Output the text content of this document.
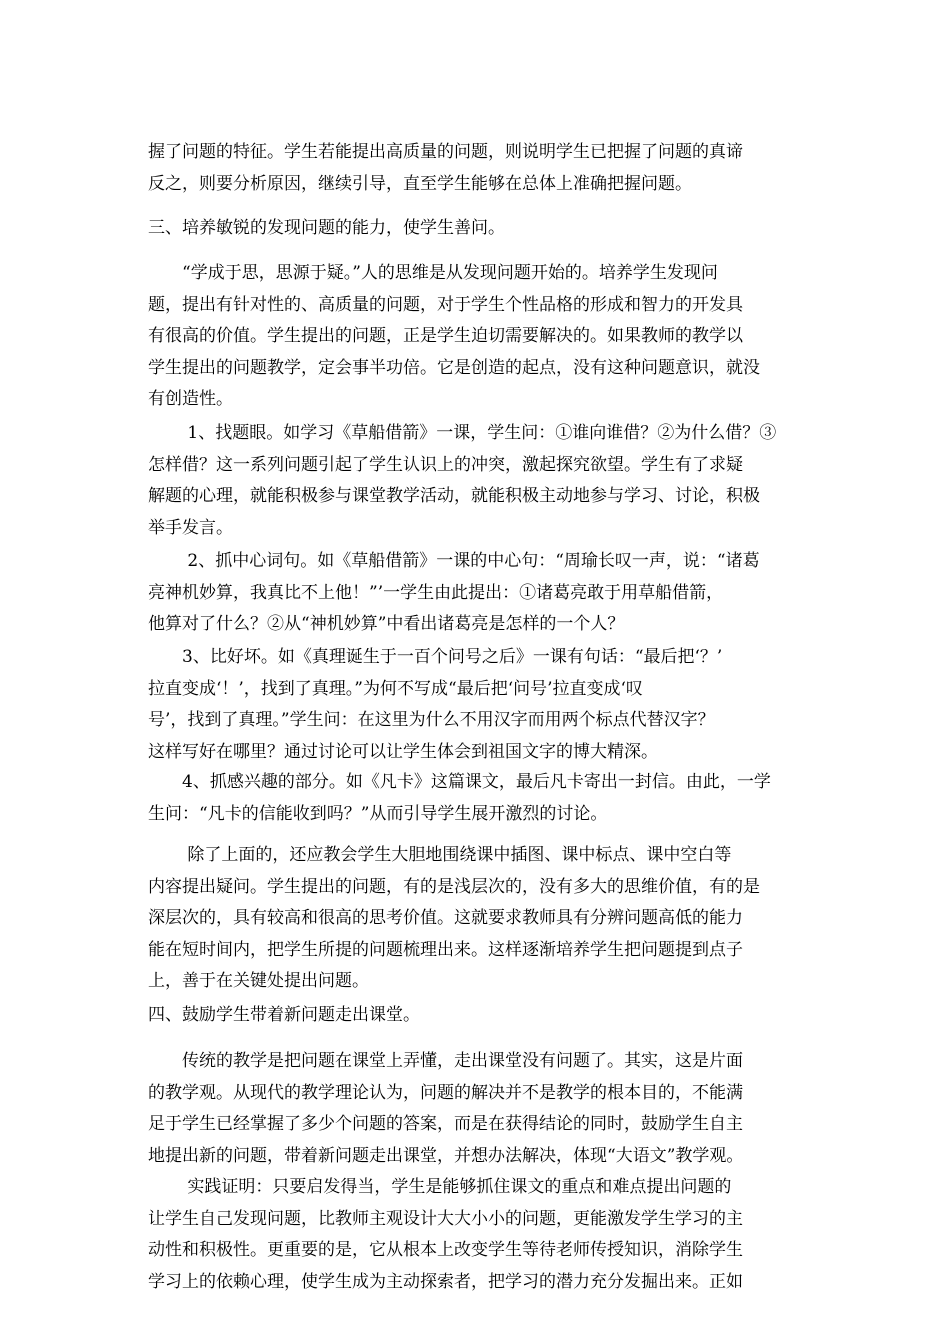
握了问题的特征。学生若能提出高质量的问题，则说明学生已把握了问题的真谛
反之，则要分析原因，继续引导，直至学生能够在总体上准确把握问题。
三、培养敏锐的发现问题的能力，使学生善问。
　　“学成于思，思源于疑。”人的思维是从发现问题开始的。培养学生发现问
题，提出有针对性的、高质量的问题，对于学生个性品格的形成和智力的开发具
有很高的价值。学生提出的问题，正是学生迫切需要解决的。如果教师的教学以
学生提出的问题教学，定会事半功倍。它是创造的起点，没有这种问题意识，就没
有创造性。
　　 1、找题眼。如学习《草船借箭》一课，学生问：①谁向谁借？②为什么借？③
怎样借？这一系列问题引起了学生认识上的冲突，激起探究欲望。学生有了求疑
解题的心理，就能积极参与课堂教学活动，就能积极主动地参与学习、讨论，积极
举手发言。
　　 2、抓中心词句。如《草船借箭》一课的中心句：“周瑜长叹一声，说：“诸葛
亮神机妙算，我真比不上他！”’一学生由此提出：①诸葛亮敢于用草船借箭，
他算对了什么？②从“神机妙算”中看出诸葛亮是怎样的一个人？
　　3、比好坏。如《真理诞生于一百个问号之后》一课有句话：“最后把‘？’
拉直变成‘！’，找到了真理。”为何不写成“最后把‘问号’拉直变成‘叹
号’，找到了真理。”学生问：在这里为什么不用汉字而用两个标点代替汉字？
这样写好在哪里？通过讨论可以让学生体会到祖国文字的博大精深。
　　4、抓感兴趣的部分。如《凡卡》这篇课文，最后凡卡寄出一封信。由此，一学
生问：“凡卡的信能收到吗？”从而引导学生展开激烈的讨论。
　　 除了上面的，还应教会学生大胆地围绕课中插图、课中标点、课中空白等
内容提出疑问。学生提出的问题，有的是浅层次的，没有多大的思维价值，有的是
深层次的，具有较高和很高的思考价值。这就要求教师具有分辨问题高低的能力
能在短时间内，把学生所提的问题梳理出来。这样逐渐培养学生把问题提到点子
上，善于在关键处提出问题。
四、鼓励学生带着新问题走出课堂。
　　传统的教学是把问题在课堂上弄懂，走出课堂没有问题了。其实，这是片面
的教学观。从现代的教学理论认为，问题的解决并不是教学的根本目的，不能满
足于学生已经掌握了多少个问题的答案，而是在获得结论的同时，鼓励学生自主
地提出新的问题，带着新问题走出课堂，并想办法解决，体现“大语文”教学观。
　　 实践证明：只要启发得当，学生是能够抓住课文的重点和难点提出问题的
让学生自己发现问题，比教师主观设计大大小小的问题，更能激发学生学习的主
动性和积极性。更重要的是，它从根本上改变学生等待老师传授知识，消除学生
学习上的依赖心理，使学生成为主动探索者，把学习的潜力充分发掘出来。正如
